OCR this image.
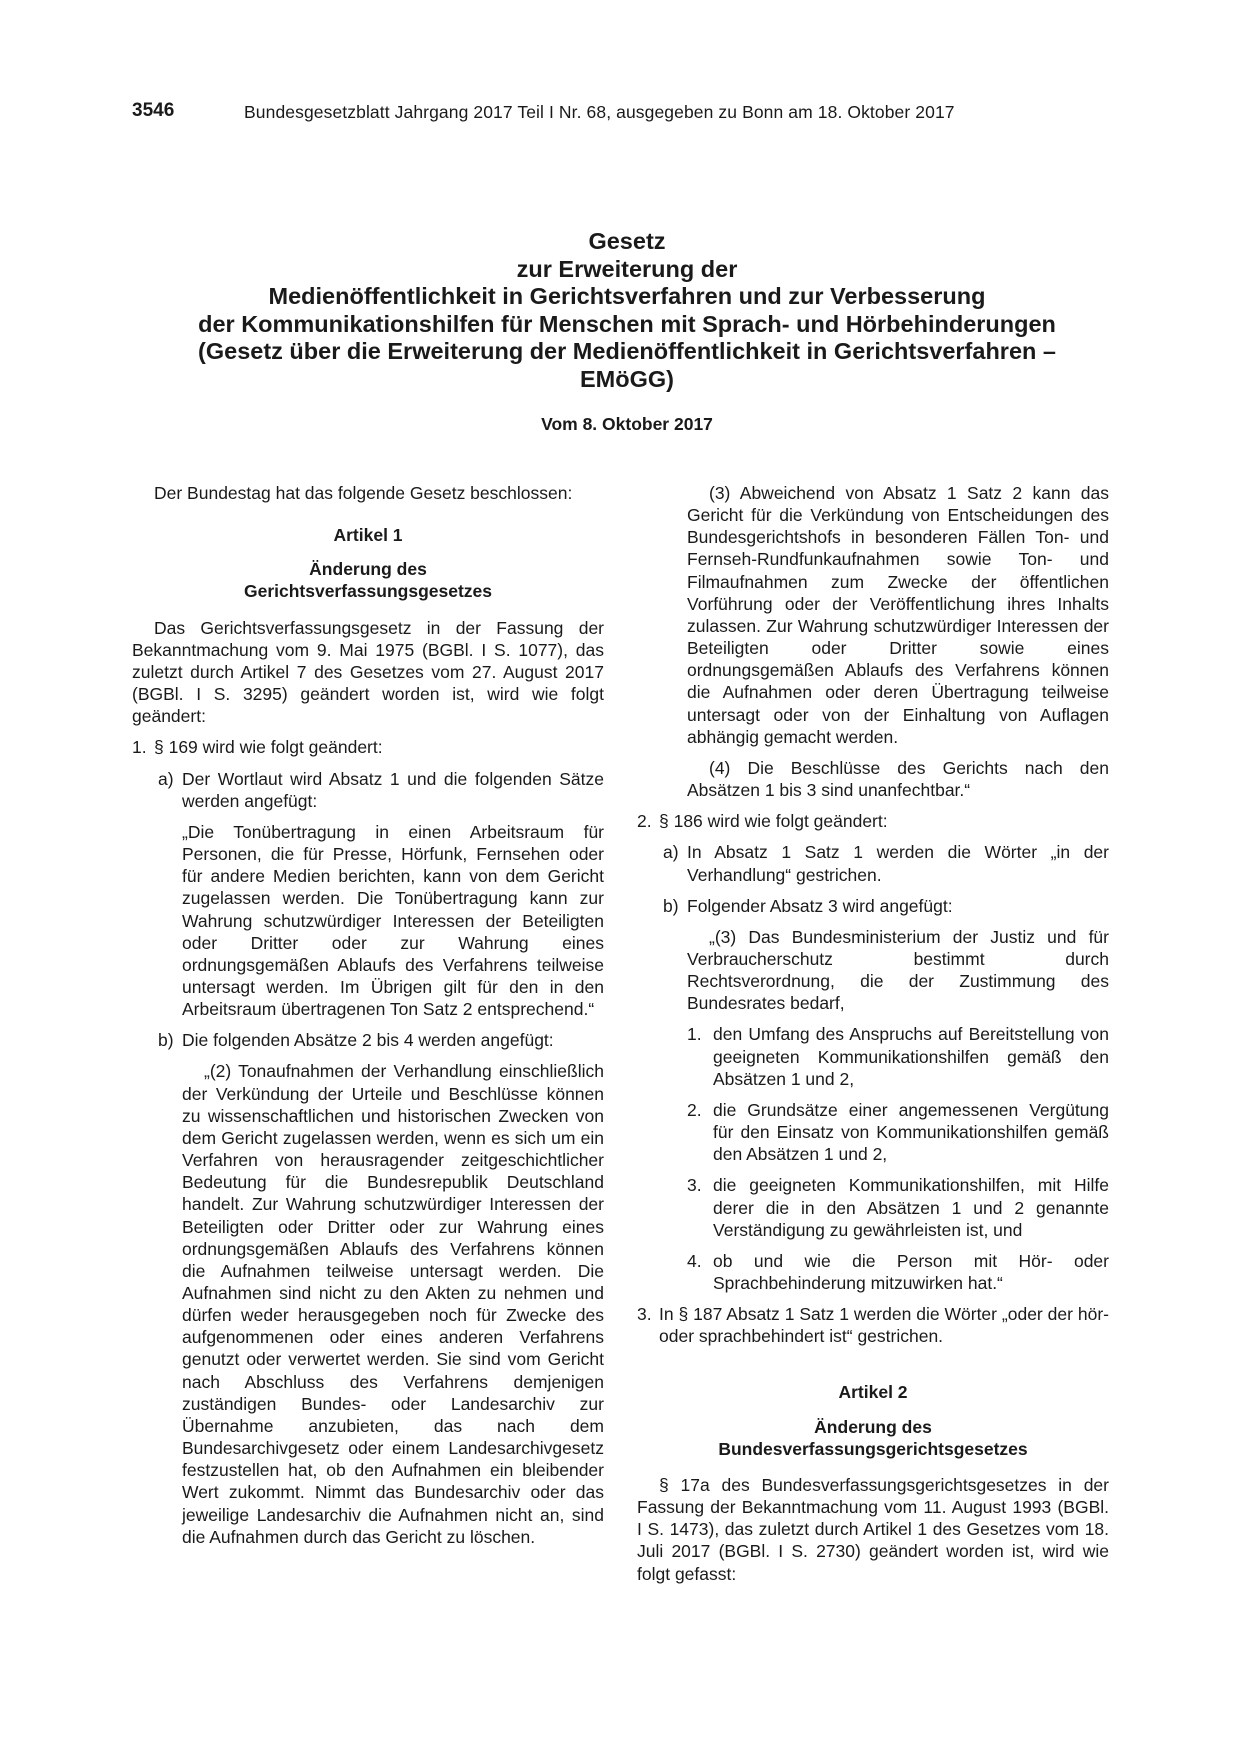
3546	Bundesgesetzblatt Jahrgang 2017 Teil I Nr. 68, ausgegeben zu Bonn am 18. Oktober 2017
Gesetz
zur Erweiterung der
Medienöffentlichkeit in Gerichtsverfahren und zur Verbesserung
der Kommunikationshilfen für Menschen mit Sprach- und Hörbehinderungen
(Gesetz über die Erweiterung der Medienöffentlichkeit in Gerichtsverfahren –
EMöGG)
Vom 8. Oktober 2017

Der Bundestag hat das folgende Gesetz beschlossen:

Artikel 1

Änderung des

Gerichtsverfassungsgesetzes

Das Gerichtsverfassungsgesetz in der Fassung der Bekanntmachung vom 9. Mai 1975 (BGBl. I S. 1077), das zuletzt durch Artikel 7 des Gesetzes vom 27. August 2017 (BGBl. I S. 3295) geändert worden ist, wird wie folgt geändert:

1. § 169 wird wie folgt geändert:

a) Der Wortlaut wird Absatz 1 und die folgenden Sätze werden angefügt:

„Die Tonübertragung in einen Arbeitsraum für Personen, die für Presse, Hörfunk, Fernsehen oder für andere Medien berichten, kann von dem Gericht zugelassen werden. Die Tonübertragung kann zur Wahrung schutzwürdiger Interessen der Beteiligten oder Dritter oder zur Wahrung eines ordnungsgemäßen Ablaufs des Verfahrens teilweise untersagt werden. Im Übrigen gilt für den in den Arbeitsraum übertragenen Ton Satz 2 entsprechend.“

b) Die folgenden Absätze 2 bis 4 werden angefügt:

„(2) Tonaufnahmen der Verhandlung einschließlich der Verkündung der Urteile und Beschlüsse können zu wissenschaftlichen und historischen Zwecken von dem Gericht zugelassen werden, wenn es sich um ein Verfahren von herausragender zeitgeschichtlicher Bedeutung für die Bundesrepublik Deutschland handelt. Zur Wahrung schutzwürdiger Interessen der Beteiligten oder Dritter oder zur Wahrung eines ordnungsgemäßen Ablaufs des Verfahrens können die Aufnahmen teilweise untersagt werden. Die Aufnahmen sind nicht zu den Akten zu nehmen und dürfen weder herausgegeben noch für Zwecke des aufgenommenen oder eines anderen Verfahrens genutzt oder verwertet werden. Sie sind vom Gericht nach Abschluss des Verfahrens demjenigen zuständigen Bundes- oder Landesarchiv zur Übernahme anzubieten, das nach dem Bundesarchivgesetz oder einem Landesarchivgesetz festzustellen hat, ob den Aufnahmen ein bleibender Wert zukommt. Nimmt das Bundesarchiv oder das jeweilige Landesarchiv die Aufnahmen nicht an, sind die Aufnahmen durch das Gericht zu löschen.

(3) Abweichend von Absatz 1 Satz 2 kann das Gericht für die Verkündung von Entscheidungen des Bundesgerichtshofs in besonderen Fällen Ton- und Fernseh-Rundfunkaufnahmen sowie Ton- und Filmaufnahmen zum Zwecke der öffentlichen Vorführung oder der Veröffentlichung ihres Inhalts zulassen. Zur Wahrung schutzwürdiger Interessen der Beteiligten oder Dritter sowie eines ordnungsgemäßen Ablaufs des Verfahrens können die Aufnahmen oder deren Übertragung teilweise untersagt oder von der Einhaltung von Auflagen abhängig gemacht werden.

(4) Die Beschlüsse des Gerichts nach den Absätzen 1 bis 3 sind unanfechtbar.“

2. § 186 wird wie folgt geändert:

a) In Absatz 1 Satz 1 werden die Wörter „in der Verhandlung“ gestrichen.

b) Folgender Absatz 3 wird angefügt:

„(3) Das Bundesministerium der Justiz und für Verbraucherschutz bestimmt durch Rechtsverordnung, die der Zustimmung des Bundesrates bedarf,

1. den Umfang des Anspruchs auf Bereitstellung von geeigneten Kommunikationshilfen gemäß den Absätzen 1 und 2,

2. die Grundsätze einer angemessenen Vergütung für den Einsatz von Kommunikationshilfen gemäß den Absätzen 1 und 2,

3. die geeigneten Kommunikationshilfen, mit Hilfe derer die in den Absätzen 1 und 2 genannte Verständigung zu gewährleisten ist, und

4. ob und wie die Person mit Hör- oder Sprachbehinderung mitzuwirken hat.“

3. In § 187 Absatz 1 Satz 1 werden die Wörter „oder der hör- oder sprachbehindert ist“ gestrichen.

Artikel 2

Änderung des

Bundesverfassungsgerichtsgesetzes

§ 17a des Bundesverfassungsgerichtsgesetzes in der Fassung der Bekanntmachung vom 11. August 1993 (BGBl. I S. 1473), das zuletzt durch Artikel 1 des Gesetzes vom 18. Juli 2017 (BGBl. I S. 2730) geändert worden ist, wird wie folgt gefasst:
